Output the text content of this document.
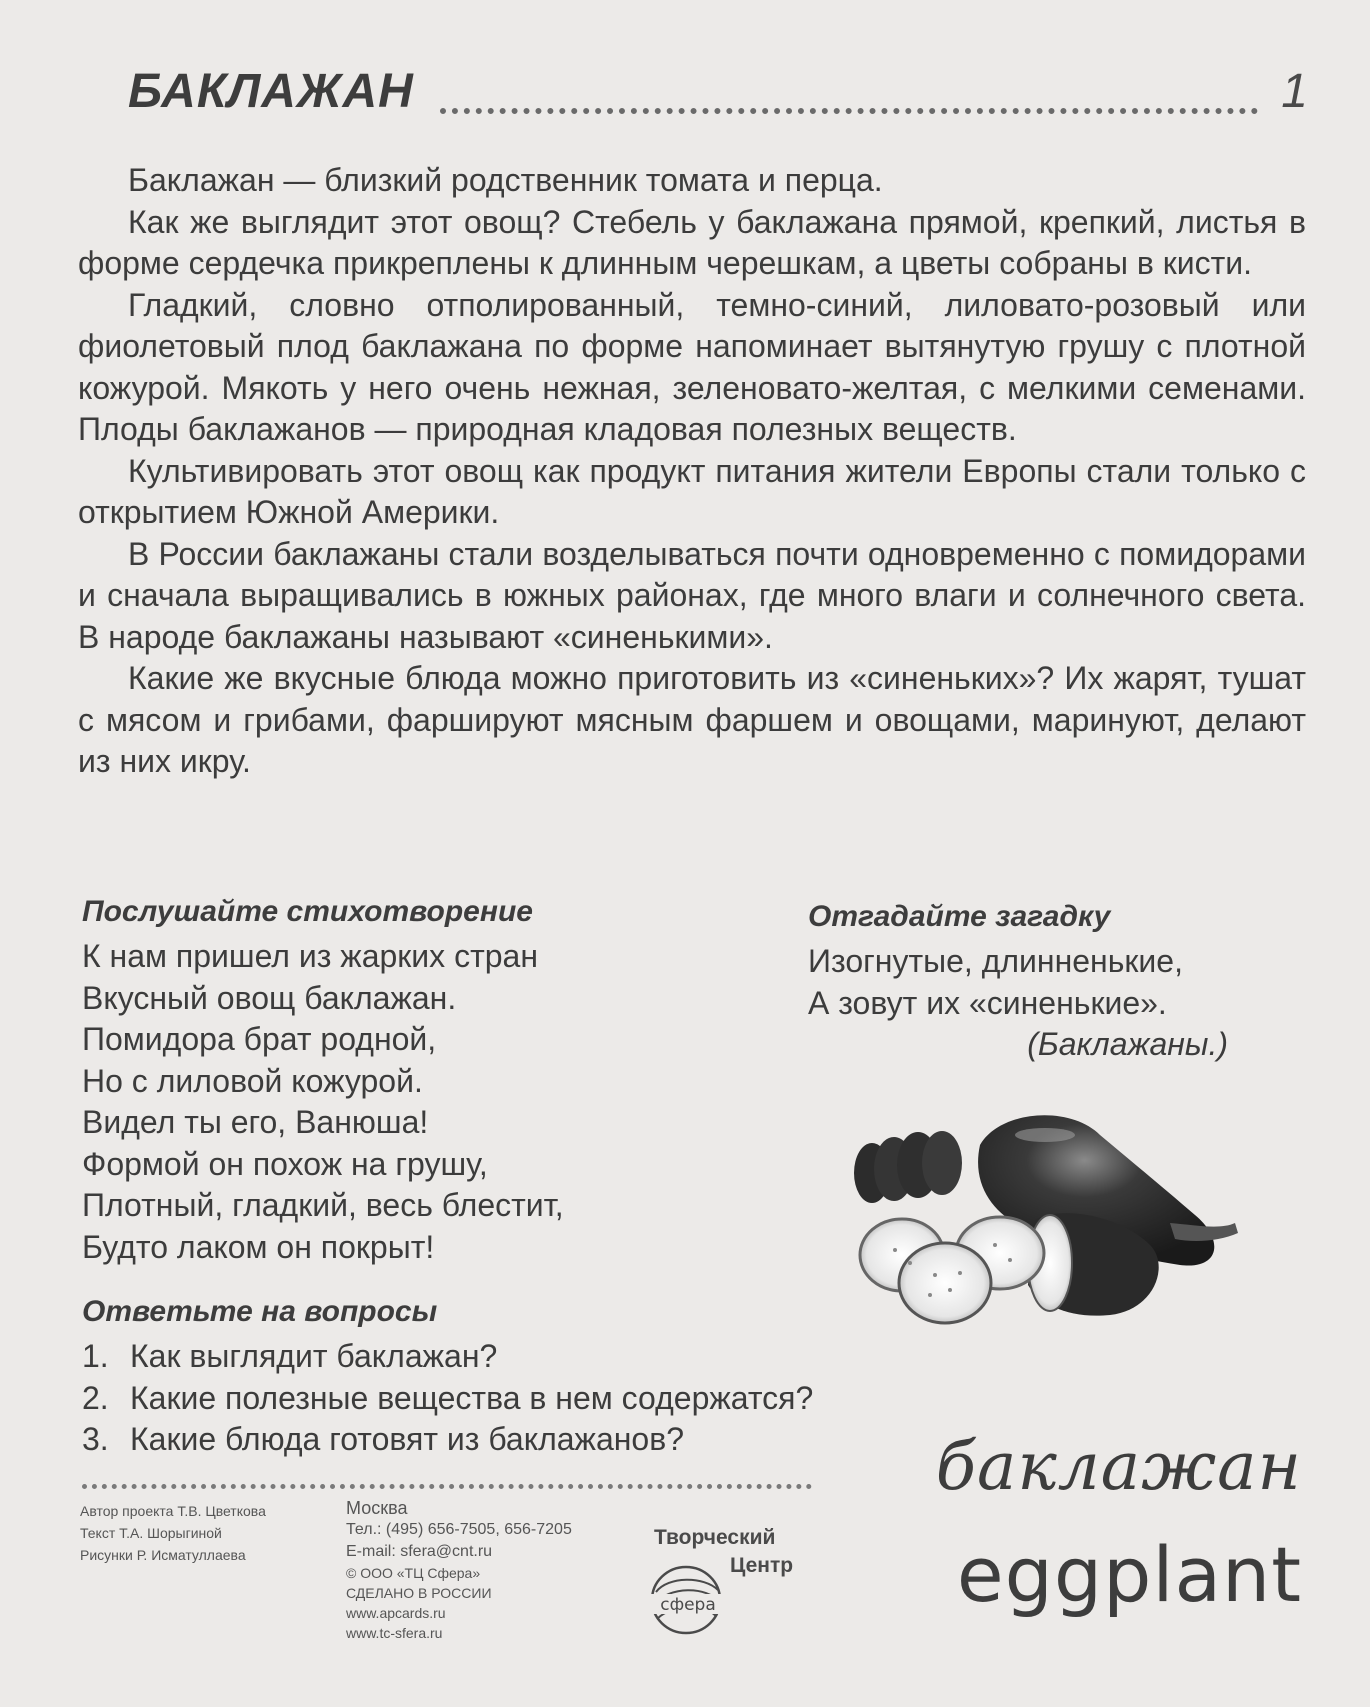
БАКЛАЖАН	1

Баклажан — близкий родственник томата и перца.

Как же выглядит этот овощ? Стебель у баклажана прямой, крепкий, листья в форме сердечка прикреплены к длинным черешкам, а цветы собраны в кисти.

Гладкий, словно отполированный, темно-синий, лиловато-розовый или фиолетовый плод баклажана по форме напоминает вытянутую грушу с плотной кожурой. Мякоть у него очень нежная, зеленовато-желтая, с мелкими семенами. Плоды баклажанов — природная кладовая полезных веществ.

Культивировать этот овощ как продукт питания жители Европы стали только с открытием Южной Америки.

В России баклажаны стали возделываться почти одновременно с помидорами и сначала выращивались в южных районах, где много влаги и солнечного света. В народе баклажаны называют «синенькими».

Какие же вкусные блюда можно приготовить из «синеньких»? Их жарят, тушат с мясом и грибами, фаршируют мясным фаршем и овощами, маринуют, делают из них икру.

Послушайте стихотворение
К нам пришел из жарких стран
Вкусный овощ баклажан.
Помидора брат родной,
Но с лиловой кожурой.
Видел ты его, Ванюша!
Формой он похож на грушу,
Плотный, гладкий, весь блестит,
Будто лаком он покрыт!
Отгадайте загадку
Изогнутые, длинненькие,
А зовут их «синенькие».
(Баклажаны.)
Ответьте на вопросы
1. Как выглядит баклажан?
2. Какие полезные вещества в нем содержатся?
3. Какие блюда готовят из баклажанов?
Автор проекта Т.В. Цветкова
Текст Т.А. Шорыгиной
Рисунки Р. Исматуллаева
Москва
Тел.: (495) 656-7505, 656-7205
E-mail: sfera@cnt.ru
© ООО «ТЦ Сфера»
СДЕЛАНО В РОССИИ
www.apcards.ru
www.tc-sfera.ru
Творческий
Центр
сфера
баклажан
eggplant
